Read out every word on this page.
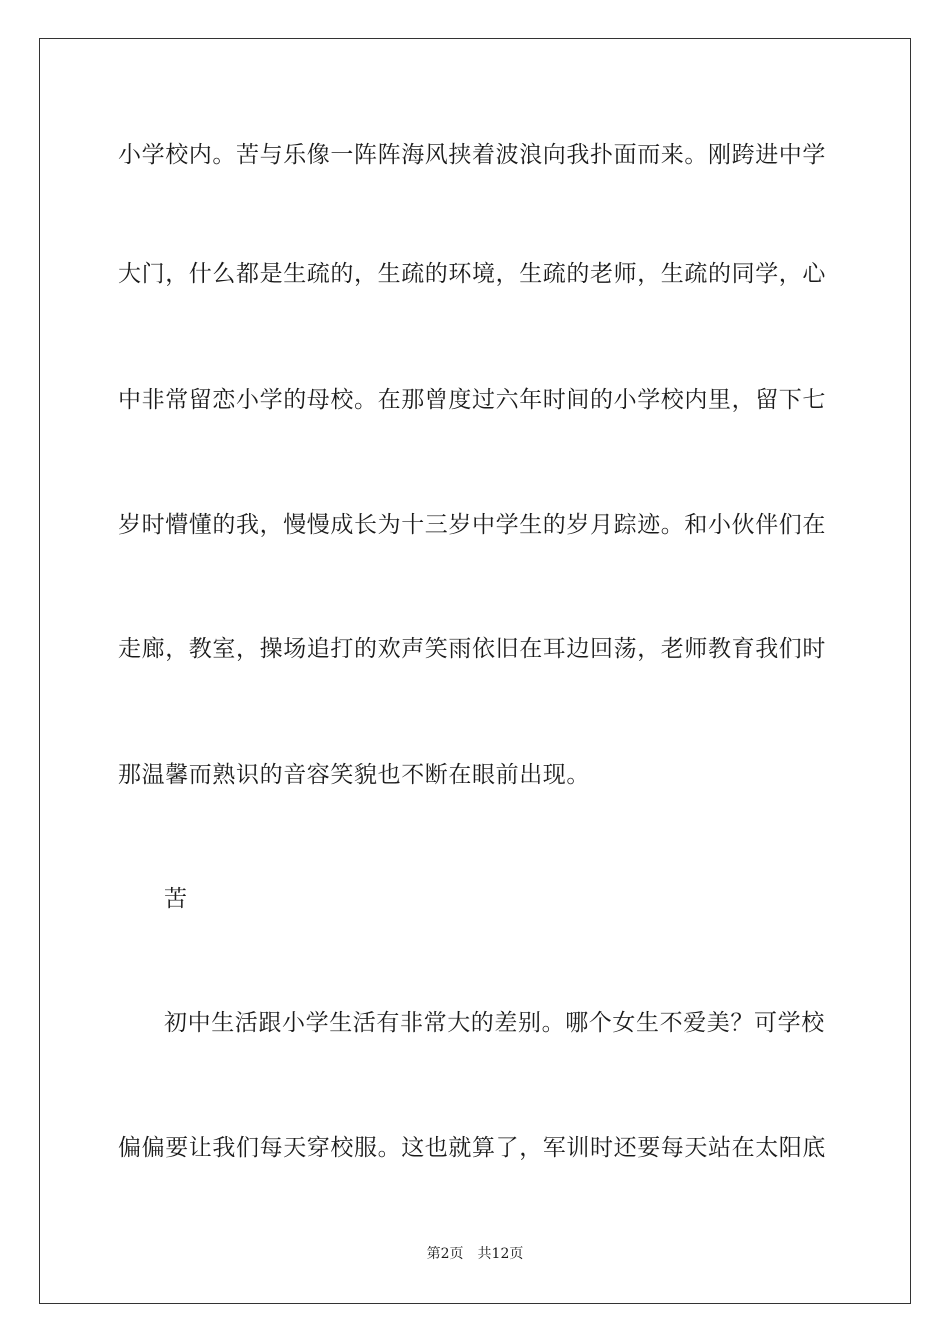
小学校内。苦与乐像一阵阵海风挟着波浪向我扑面而来。刚跨进中学
大门，什么都是生疏的，生疏的环境，生疏的老师，生疏的同学，心
中非常留恋小学的母校。在那曾度过六年时间的小学校内里，留下七
岁时懵懂的我，慢慢成长为十三岁中学生的岁月踪迹。和小伙伴们在
走廊，教室，操场追打的欢声笑雨依旧在耳边回荡，老师教育我们时
那温馨而熟识的音容笑貌也不断在眼前出现。
苦
初中生活跟小学生活有非常大的差别。哪个女生不爱美？可学校
偏偏要让我们每天穿校服。这也就算了，军训时还要每天站在太阳底
第2页 共12页
